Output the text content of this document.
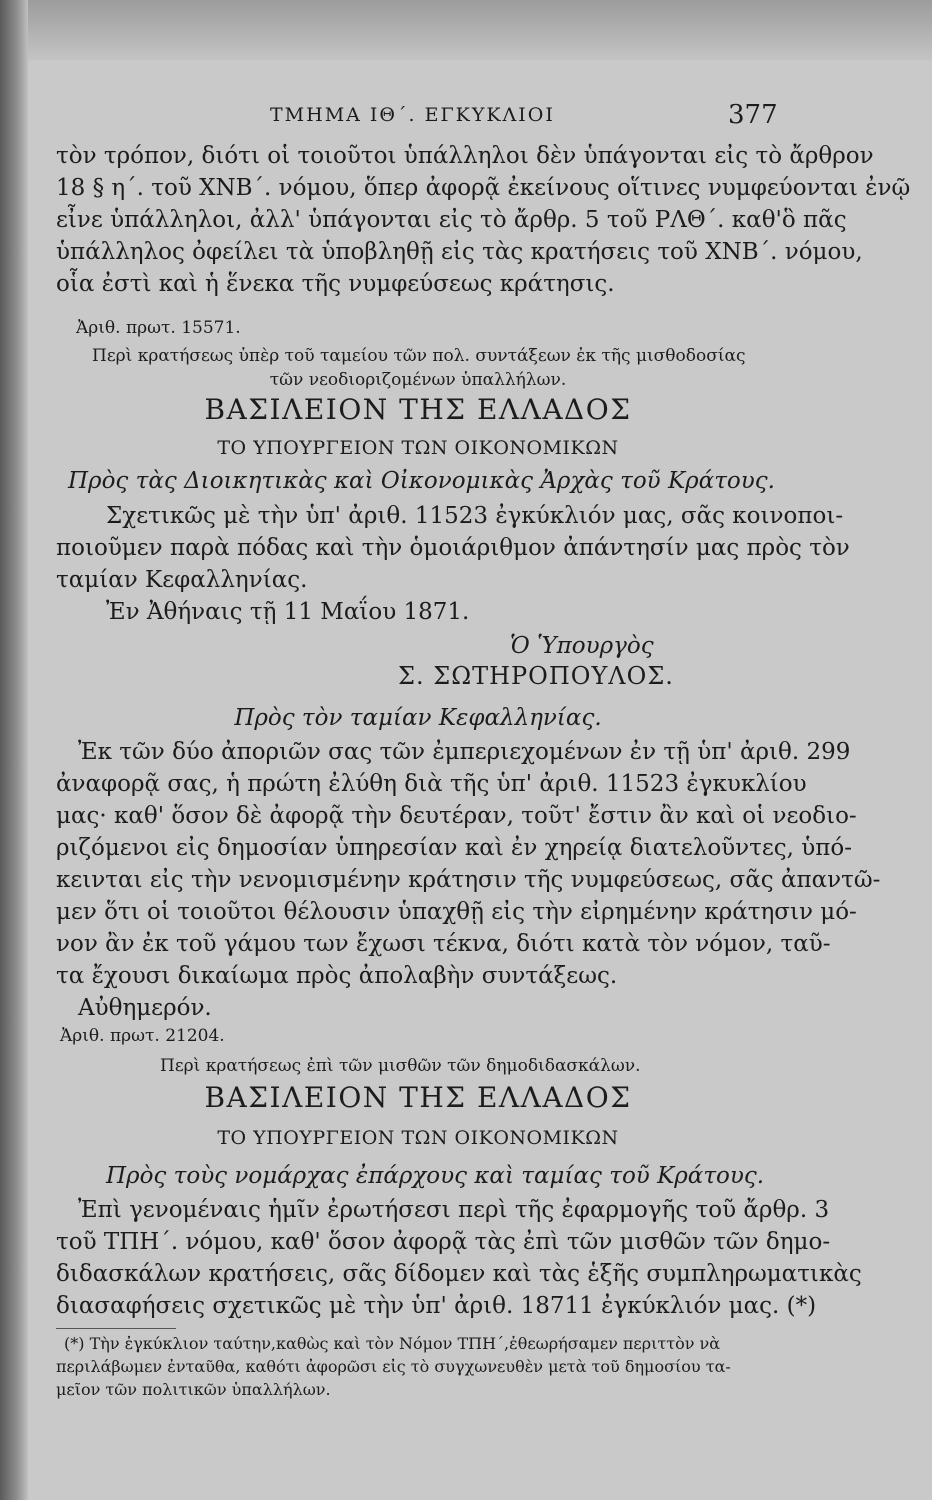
ΤΜΗΜΑ ΙΘ΄. ΕΓΚΥΚΛΙΟΙ	377
τὸν τρόπον, διότι οἱ τοιοῦτοι ὑπάλληλοι δὲν ὑπάγονται εἰς τὸ ἄρθρον
18 § η΄. τοῦ ΧΝΒ΄. νόμου, ὅπερ ἀφορᾷ ἐκείνους οἵτινες νυμφεύονται ἐνῷ
εἶνε ὑπάλληλοι, ἀλλ' ὑπάγονται εἰς τὸ ἄρθρ. 5 τοῦ ΡΛΘ΄. καθ'ὃ πᾶς
ὑπάλληλος ὀφείλει τὰ ὑποβληθῇ εἰς τὰς κρατήσεις τοῦ ΧΝΒ΄. νόμου,
οἷα ἐστὶ καὶ ἡ ἕνεκα τῆς νυμφεύσεως κράτησις.
Ἀριθ. πρωτ. 15571.
Περὶ κρατήσεως ὑπὲρ τοῦ ταμείου τῶν πολ. συντάξεων ἐκ τῆς μισθοδοσίας
τῶν νεοδιοριζομένων ὑπαλλήλων.
ΒΑΣΙΛΕΙΟΝ ΤΗΣ ΕΛΛΑΔΟΣ
ΤΟ ΥΠΟΥΡΓΕΙΟΝ ΤΩΝ ΟΙΚΟΝΟΜΙΚΩΝ
Πρὸς τὰς Διοικητικὰς καὶ Οἰκονομικὰς Ἀρχὰς τοῦ Κράτους.
Σχετικῶς μὲ τὴν ὑπ' ἀριθ. 11523 ἐγκύκλιόν μας, σᾶς κοινοποι-
ποιοῦμεν παρὰ πόδας καὶ τὴν ὁμοιάριθμον ἀπάντησίν μας πρὸς τὸν
ταμίαν Κεφαλληνίας.
Ἐν Ἀθήναις τῇ 11 Μαΐου 1871.
Ὁ Ὑπουργὸς
Σ. ΣΩΤΗΡΟΠΟΥΛΟΣ.
Πρὸς τὸν ταμίαν Κεφαλληνίας.
Ἐκ τῶν δύο ἀποριῶν σας τῶν ἐμπεριεχομένων ἐν τῇ ὑπ' ἀριθ. 299
ἀναφορᾷ σας, ἡ πρώτη ἐλύθη διὰ τῆς ὑπ' ἀριθ. 11523 ἐγκυκλίου
μας· καθ' ὅσον δὲ ἀφορᾷ τὴν δευτέραν, τοῦτ' ἔστιν ἂν καὶ οἱ νεοδιο-
ριζόμενοι εἰς δημοσίαν ὑπηρεσίαν καὶ ἐν χηρείᾳ διατελοῦντες, ὑπό-
κεινται εἰς τὴν νενομισμένην κράτησιν τῆς νυμφεύσεως, σᾶς ἀπαντῶ-
μεν ὅτι οἱ τοιοῦτοι θέλουσιν ὑπαχθῇ εἰς τὴν εἰρημένην κράτησιν μό-
νον ἂν ἐκ τοῦ γάμου των ἔχωσι τέκνα, διότι κατὰ τὸν νόμον, ταῦ-
τα ἔχουσι δικαίωμα πρὸς ἀπολαβὴν συντάξεως.
Αὐθημερόν.
Ἀριθ. πρωτ. 21204.
Περὶ κρατήσεως ἐπὶ τῶν μισθῶν τῶν δημοδιδασκάλων.
ΒΑΣΙΛΕΙΟΝ ΤΗΣ ΕΛΛΑΔΟΣ
ΤΟ ΥΠΟΥΡΓΕΙΟΝ ΤΩΝ ΟΙΚΟΝΟΜΙΚΩΝ
Πρὸς τοὺς νομάρχας ἐπάρχους καὶ ταμίας τοῦ Κράτους.
Ἐπὶ γενομέναις ἡμῖν ἐρωτήσεσι περὶ τῆς ἐφαρμογῆς τοῦ ἄρθρ. 3
τοῦ ΤΠΗ΄. νόμου, καθ' ὅσον ἀφορᾷ τὰς ἐπὶ τῶν μισθῶν τῶν δημο-
διδασκάλων κρατήσεις, σᾶς δίδομεν καὶ τὰς ἑξῆς συμπληρωματικὰς
διασαφήσεις σχετικῶς μὲ τὴν ὑπ' ἀριθ. 18711 ἐγκύκλιόν μας. (*)
(*) Τὴν ἐγκύκλιον ταύτην,καθὼς καὶ τὸν Νόμον ΤΠΗ΄,ἐθεωρήσαμεν περιττὸν νὰ
περιλάβωμεν ἐνταῦθα, καθότι ἀφορῶσι εἰς τὸ συγχωνευθὲν μετὰ τοῦ δημοσίου τα-
μεῖον τῶν πολιτικῶν ὑπαλλήλων.
